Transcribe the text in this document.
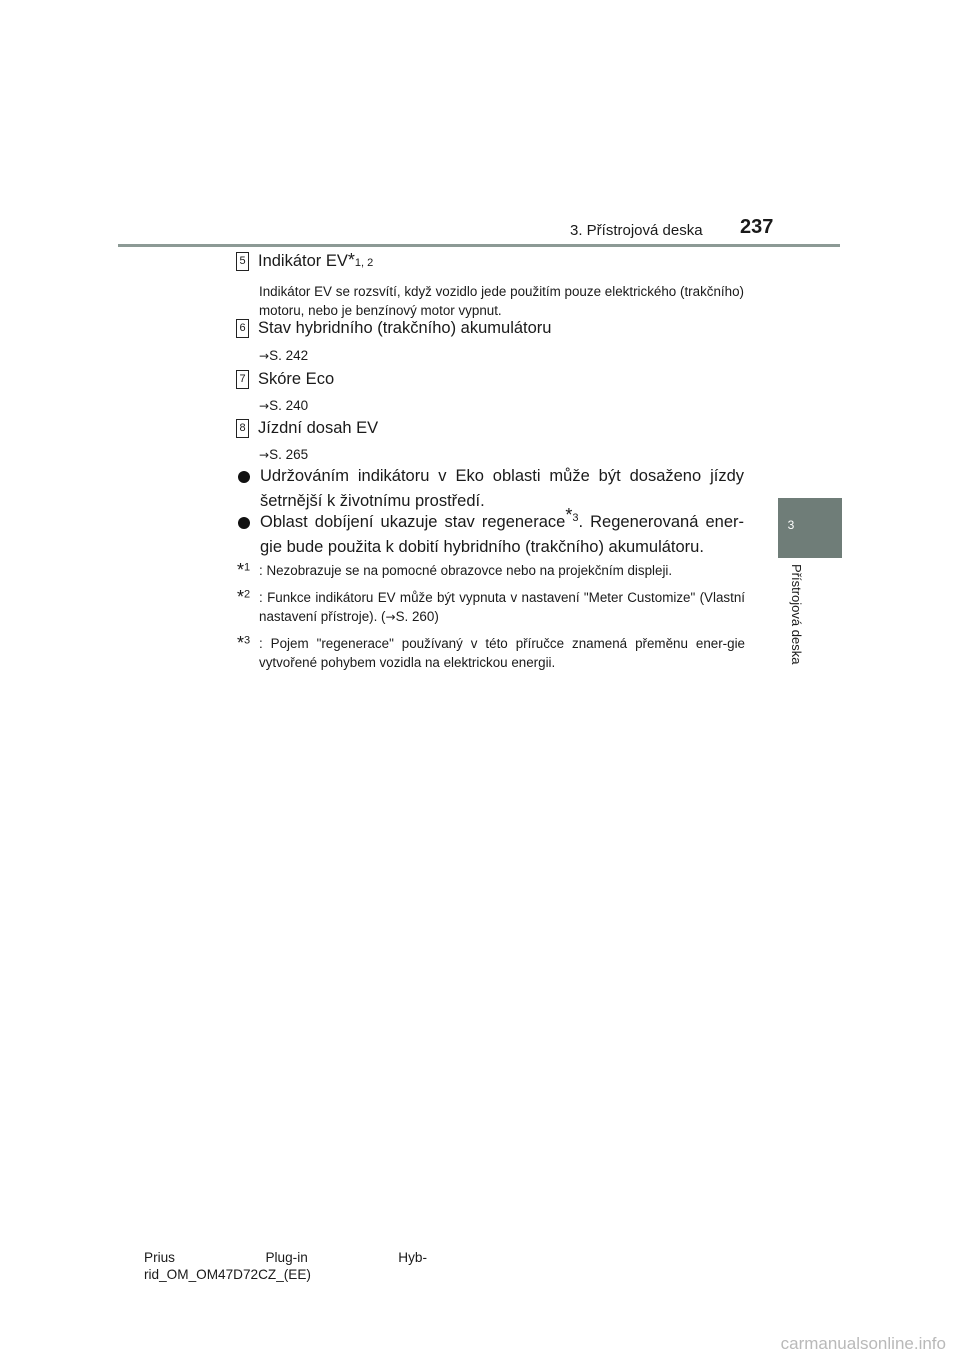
3. Přístrojová deska 237
3
Přístrojová deska
5 Indikátor EV *1, 2
Indikátor EV se rozsvítí, když vozidlo jede použitím pouze elektrického (trakčního) motoru, nebo je benzínový motor vypnut.
6 Stav hybridního (trakčního) akumulátoru
→S. 242
7 Skóre Eco
→S. 240
8 Jízdní dosah EV
→S. 265
Udržováním indikátoru v Eko oblasti může být dosaženo jízdy šetrnější k životnímu prostředí.
Oblast dobíjení ukazuje stav regenerace$^{*3}$. Regenerovaná ener-gie bude použita k dobití hybridního (trakčního) akumulátoru.
*$^1$ : Nezobrazuje se na pomocné obrazovce nebo na projekčním displeji.
*$^2$ : Funkce indikátoru EV může být vypnuta v nastavení "Meter Customize" (Vlastní nastavení přístroje). (→S. 260)
*$^3$ : Pojem "regenerace" používaný v této příručce znamená přeměnu ener-gie vytvořené pohybem vozidla na elektrickou energii.
Prius	Plug-in	Hyb-
rid_OM_OM47D72CZ_(EE)
carmanualsonline.info
